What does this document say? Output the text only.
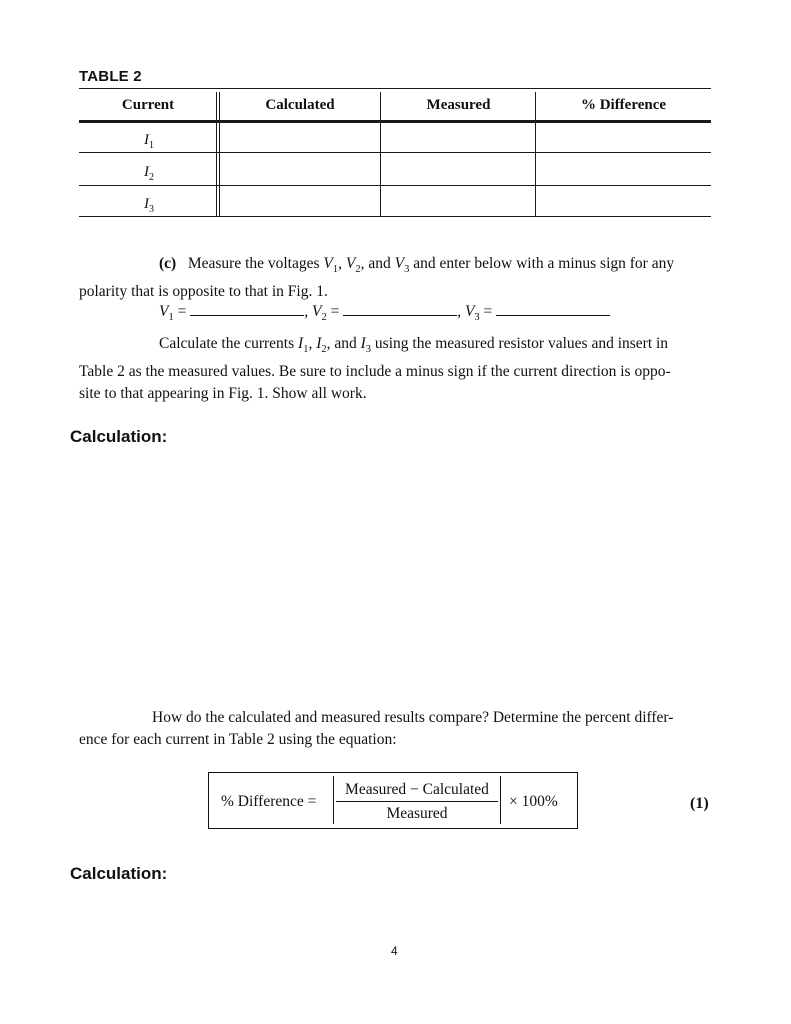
TABLE 2
Current	Calculated	Measured	% Difference
$I_1$
$I_2$
$I_3$
(c) Measure the voltages $V_1$, $V_2$, and $V_3$ and enter below with a minus sign for any
polarity that is opposite to that in Fig. 1.
$V_1$ =	, $V_2$ =	, $V_3$ =
Calculate the currents $I_1$, $I_2$, and $I_3$ using the measured resistor values and insert in
Table 2 as the measured values. Be sure to include a minus sign if the current direction is oppo-
site to that appearing in Fig. 1. Show all work.
Calculation:
How do the calculated and measured results compare? Determine the percent differ-
ence for each current in Table 2 using the equation:
% Difference =
Measured − Calculated
Measured
× 100%	(1)
Calculation:
4
